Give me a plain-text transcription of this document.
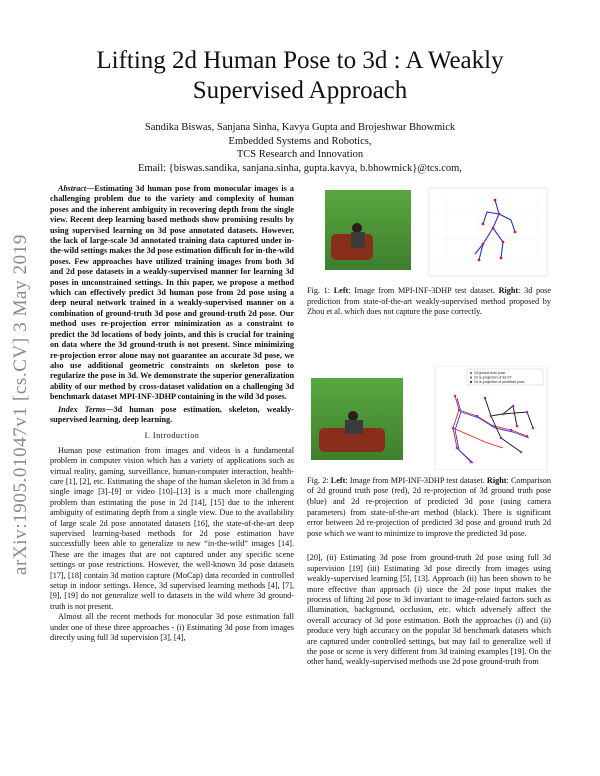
arXiv:1905.01047v1 [cs.CV] 3 May 2019
Lifting 2d Human Pose to 3d : A Weakly
Supervised Approach
Sandika Biswas, Sanjana Sinha, Kavya Gupta and Brojeshwar Bhowmick
Embedded Systems and Robotics,
TCS Research and Innovation
Email: {biswas.sandika, sanjana.sinha, gupta.kavya, b.bhowmick}@tcs.com,

Abstract—Estimating 3d human pose from monocular images is a challenging problem due to the variety and complexity of human poses and the inherent ambiguity in recovering depth from the single view. Recent deep learning based methods show promising results by using supervised learning on 3d pose annotated datasets. However, the lack of large-scale 3d annotated training data captured under in-the-wild settings makes the 3d pose estimation difficult for in-the-wild poses. Few approaches have utilized training images from both 3d and 2d pose datasets in a weakly-supervised manner for learning 3d poses in unconstrained settings. In this paper, we propose a method which can effectively predict 3d human pose from 2d pose using a deep neural network trained in a weakly-supervised manner on a combination of ground-truth 3d pose and ground-truth 2d pose. Our method uses re-projection error minimization as a constraint to predict the 3d locations of body joints, and this is crucial for training on data where the 3d ground-truth is not present. Since minimizing re-projection error alone may not guarantee an accurate 3d pose, we also use additional geometric constraints on skeleton pose to regularize the pose in 3d. We demonstrate the superior generalization ability of our method by cross-dataset validation on a challenging 3d benchmark dataset MPI-INF-3DHP containing in the wild 3d poses.

Index Terms—3d human pose estimation, skeleton, weakly-supervised learning, deep learning.

I. Introduction

Human pose estimation from images and videos is a fundamental problem in computer vision which has a variety of applications such as virtual reality, gaming, surveillance, human-computer interaction, health-care [1], [2], etc. Estimating the shape of the human skeleton in 3d from a single image [3]–[9] or video [10]–[13] is a much more challenging problem than estimating the pose in 2d [14], [15] due to the inherent ambiguity of estimating depth from a single view. Due to the availability of large scale 2d pose annotated datasets [16], the state-of-the-art deep supervised learning-based methods for 2d pose estimation have successfully been able to generalize to new “in-the-wild” images [14]. These are the images that are not captured under any specific scene settings or pose restrictions. However, the well-known 3d pose datasets [17], [18] contain 3d motion capture (MoCap) data recorded in controlled setup in indoor settings. Hence, 3d supervised learning methods [4], [7], [9], [19] do not generalize well to datasets in the wild where 3d ground-truth is not present.

Almost all the recent methods for monocular 3d pose estimation fall under one of these three approaches - (i) Estimating 3d pose from images directly using full 3d supervision [3], [4],

Fig. 1: Left: Image from MPI-INF-3DHP test dataset. Right: 3d pose prediction from state-of-the-art weakly-supervised method proposed by Zhou et al. which does not capture the pose correctly.

2d ground truth pose
2d re-projection of 3d GT
2d re-projection of predicted pose

Fig. 2: Left: Image from MPI-INF-3DHP test dataset. Right: Comparison of 2d ground truth pose (red), 2d re-projection of 3d ground truth pose (blue) and 2d re-projection of predicted 3d pose (using camera parameters) from state-of-the-art method (black). There is significant error between 2d re-projection of predicted 3d pose and ground truth 2d pose which we want to minimize to improve the predicted 3d pose.

[20], (ii) Estimating 3d pose from ground-truth 2d pose using full 3d supervision [19] (iii) Estimating 3d pose directly from images using weakly-supervised learning [5], [13]. Approach (ii) has been shown to be more effective than approach (i) since the 2d pose input makes the process of lifting 2d pose to 3d invariant to image-related factors such as illumination, background, occlusion, etc. which adversely affect the overall accuracy of 3d pose estimation. Both the approaches (i) and (ii) produce very high accuracy on the popular 3d benchmark datasets which are captured under controlled settings, but may fail to generalize well if the pose or scene is very different from 3d training examples [19]. On the other hand, weakly-supervised methods use 2d pose ground-truth from
